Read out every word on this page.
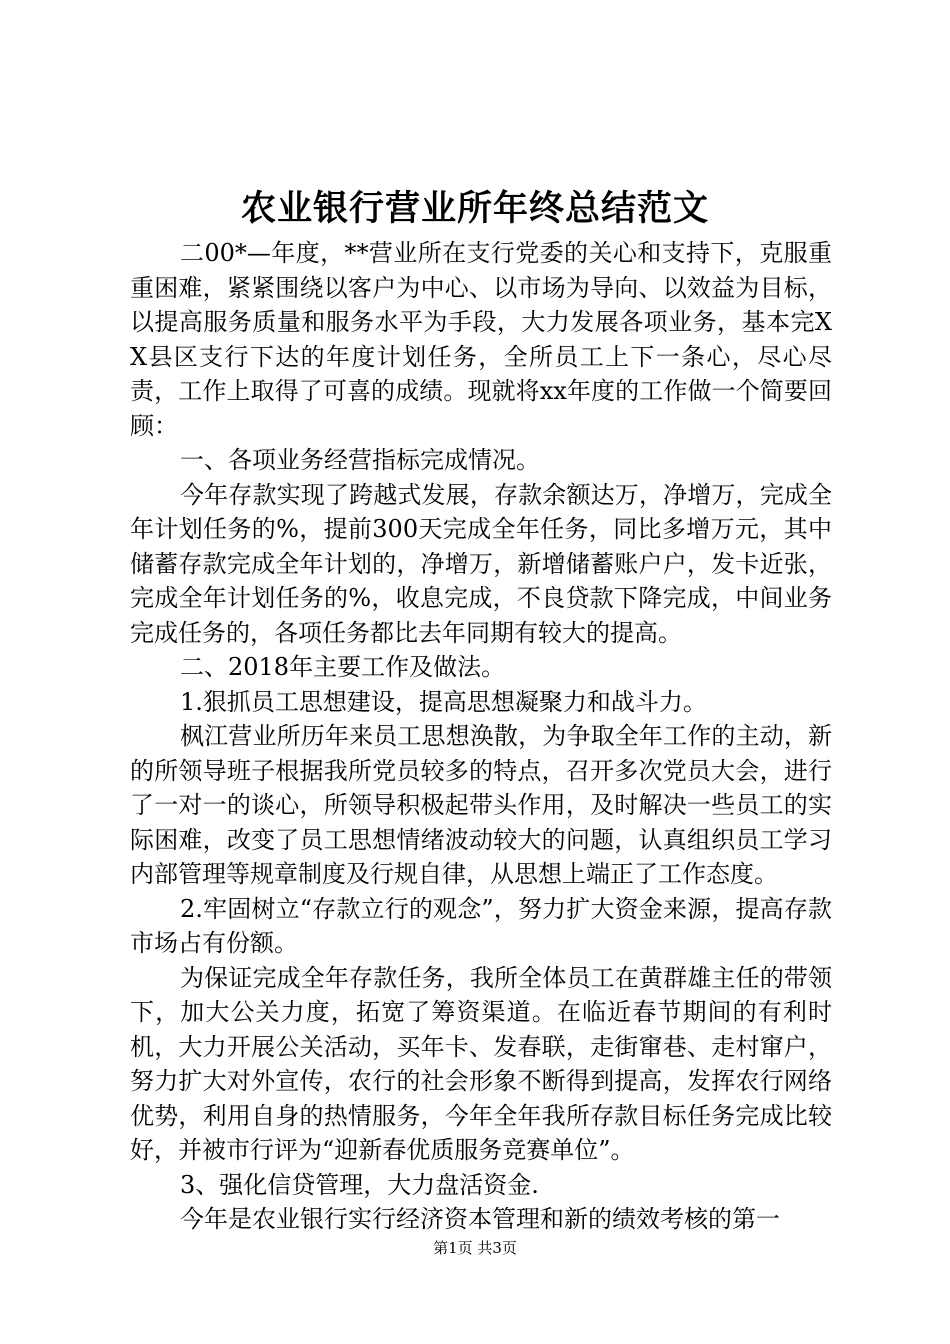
农业银行营业所年终总结范文

二00*—年度，**营业所在支行党委的关心和支持下，克服重重困难，紧紧围绕以客户为中心、以市场为导向、以效益为目标，以提高服务质量和服务水平为手段，大力发展各项业务，基本完XX县区支行下达的年度计划任务，全所员工上下一条心，尽心尽责，工作上取得了可喜的成绩。现就将xx年度的工作做一个简要回顾：

一、各项业务经营指标完成情况。

今年存款实现了跨越式发展，存款余额达万，净增万，完成全年计划任务的%，提前300天完成全年任务，同比多增万元，其中储蓄存款完成全年计划的，净增万，新增储蓄账户户，发卡近张，完成全年计划任务的%，收息完成，不良贷款下降完成，中间业务完成任务的，各项任务都比去年同期有较大的提高。

二、2018年主要工作及做法。

1.狠抓员工思想建设，提高思想凝聚力和战斗力。

枫江营业所历年来员工思想涣散，为争取全年工作的主动，新的所领导班子根据我所党员较多的特点，召开多次党员大会，进行了一对一的谈心，所领导积极起带头作用，及时解决一些员工的实际困难，改变了员工思想情绪波动较大的问题，认真组织员工学习内部管理等规章制度及行规自律，从思想上端正了工作态度。

2.牢固树立“存款立行的观念”，努力扩大资金来源，提高存款市场占有份额。

为保证完成全年存款任务，我所全体员工在黄群雄主任的带领下，加大公关力度，拓宽了筹资渠道。在临近春节期间的有利时机，大力开展公关活动，买年卡、发春联，走街窜巷、走村窜户，努力扩大对外宣传，农行的社会形象不断得到提高，发挥农行网络优势，利用自身的热情服务，今年全年我所存款目标任务完成比较好，并被市行评为“迎新春优质服务竞赛单位”。

3、强化信贷管理，大力盘活资金.

今年是农业银行实行经济资本管理和新的绩效考核的第一

第1页 共3页
